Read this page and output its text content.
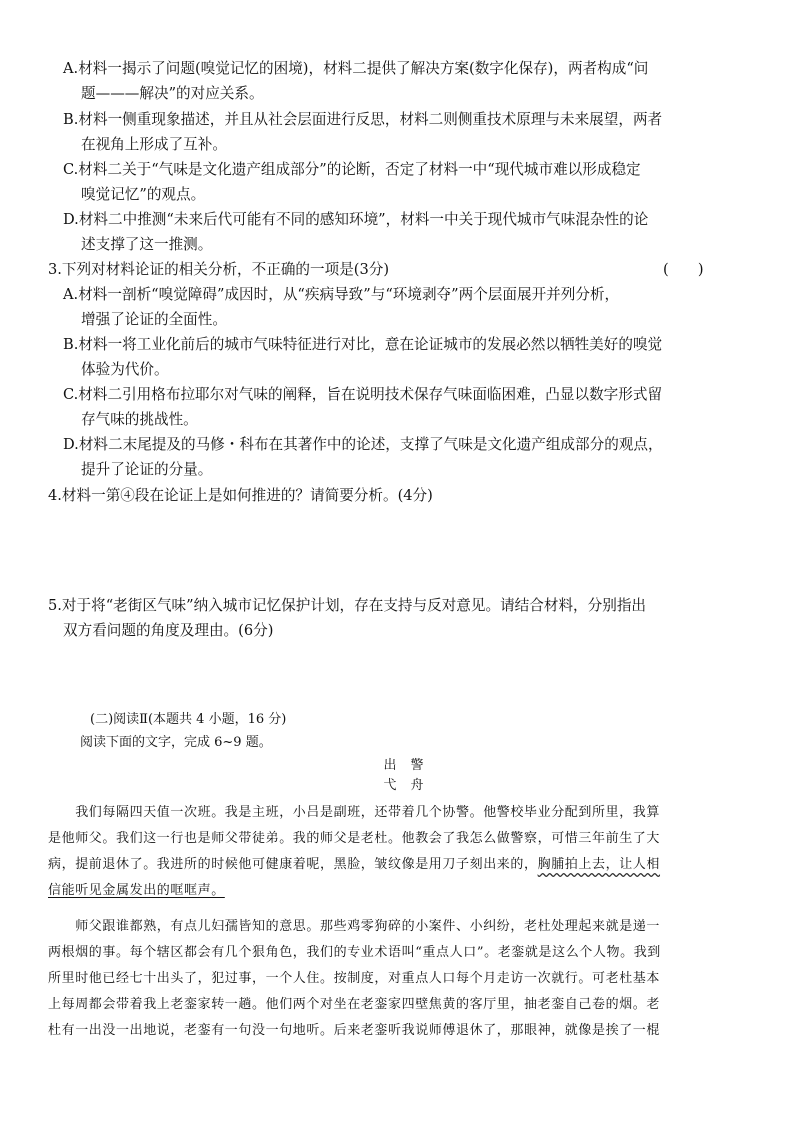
A.材料一揭示了问题(嗅觉记忆的困境)，材料二提供了解决方案(数字化保存)，两者构成“问
题———解决”的对应关系。
B.材料一侧重现象描述，并且从社会层面进行反思，材料二则侧重技术原理与未来展望，两者
在视角上形成了互补。
C.材料二关于“气味是文化遗产组成部分”的论断，否定了材料一中“现代城市难以形成稳定
嗅觉记忆”的观点。
D.材料二中推测“未来后代可能有不同的感知环境”，材料一中关于现代城市气味混杂性的论
述支撑了这一推测。
3.下列对材料论证的相关分析，不正确的一项是(3分)	(　　)
A.材料一剖析“嗅觉障碍”成因时，从“疾病导致”与“环境剥夺”两个层面展开并列分析，
增强了论证的全面性。
B.材料一将工业化前后的城市气味特征进行对比，意在论证城市的发展必然以牺牲美好的嗅觉
体验为代价。
C.材料二引用格布拉耶尔对气味的阐释，旨在说明技术保存气味面临困难，凸显以数字形式留
存气味的挑战性。
D.材料二末尾提及的马修・科布在其著作中的论述，支撑了气味是文化遗产组成部分的观点，
提升了论证的分量。
4.材料一第④段在论证上是如何推进的？请简要分析。(4分)
5.对于将“老街区气味”纳入城市记忆保护计划，存在支持与反对意见。请结合材料，分别指出
双方看问题的角度及理由。(6分)
(二)阅读Ⅱ(本题共 4 小题，16 分)
阅读下面的文字，完成 6~9 题。
出警
弋舟
　　我们每隔四天值一次班。我是主班，小吕是副班，还带着几个协警。他警校毕业分配到所里，我算
是他师父。我们这一行也是师父带徒弟。我的师父是老杜。他教会了我怎么做警察，可惜三年前生了大
病，提前退休了。我进所的时候他可健康着呢，黑脸，皱纹像是用刀子刻出来的，胸脯拍上去，让人相
信能听见金属发出的哐哐声。
　　师父跟谁都熟，有点儿妇孺皆知的意思。那些鸡零狗碎的小案件、小纠纷，老杜处理起来就是递一
两根烟的事。每个辖区都会有几个狠角色，我们的专业术语叫“重点人口”。老銮就是这么个人物。我到
所里时他已经七十出头了，犯过事，一个人住。按制度，对重点人口每个月走访一次就行。可老杜基本
上每周都会带着我上老銮家转一趟。他们两个对坐在老銮家四壁焦黄的客厅里，抽老銮自己卷的烟。老
杜有一出没一出地说，老銮有一句没一句地听。后来老銮听我说师傅退休了，那眼神，就像是挨了一棍
